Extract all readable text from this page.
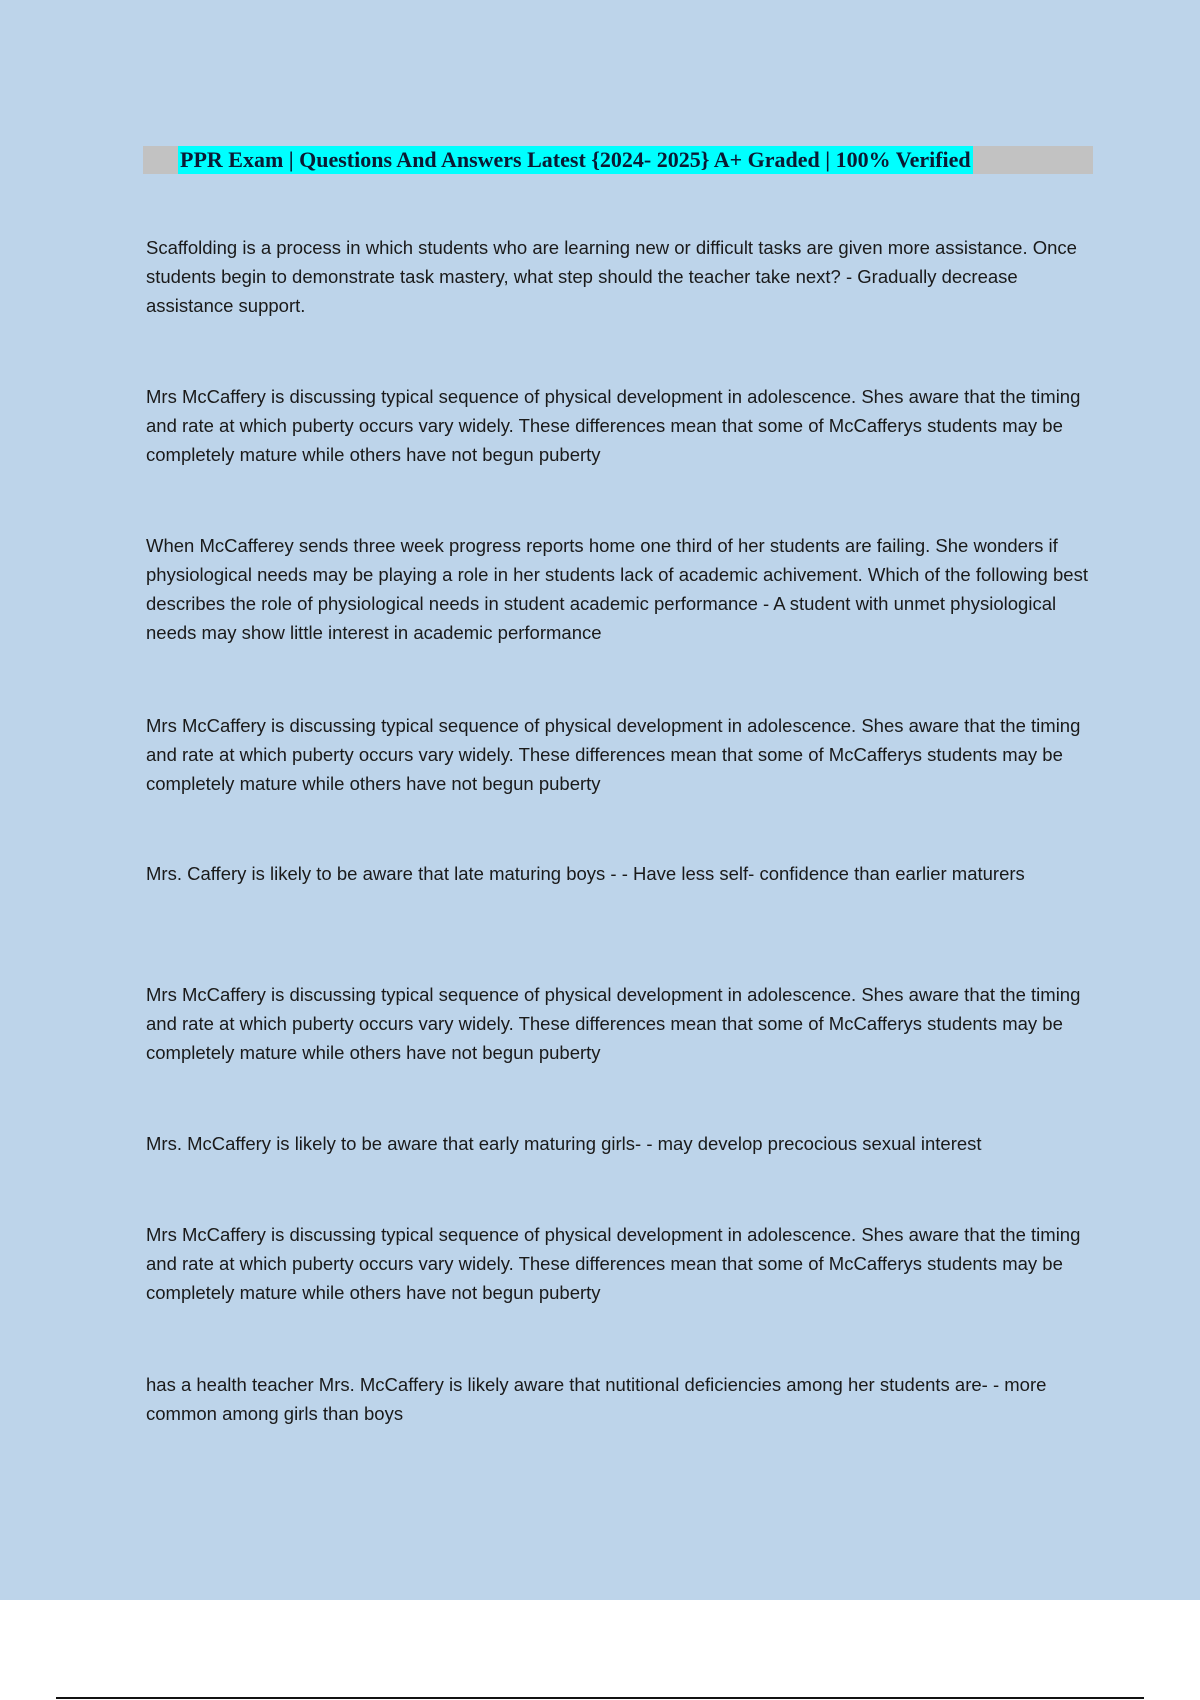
PPR Exam | Questions And Answers Latest {2024- 2025} A+ Graded | 100% Verified

Scaffolding is a process in which students who are learning new or difficult tasks are given more assistance. Once students begin to demonstrate task mastery, what step should the teacher take next? - Gradually decrease assistance support.

Mrs McCaffery is discussing typical sequence of physical development in adolescence. Shes aware that the timing and rate at which puberty occurs vary widely. These differences mean that some of McCafferys students may be completely mature while others have not begun puberty

When McCafferey sends three week progress reports home one third of her students are failing. She wonders if physiological needs may be playing a role in her students lack of academic achivement. Which of the following best describes the role of physiological needs in student academic performance - A student with unmet physiological needs may show little interest in academic performance

Mrs McCaffery is discussing typical sequence of physical development in adolescence. Shes aware that the timing and rate at which puberty occurs vary widely. These differences mean that some of McCafferys students may be completely mature while others have not begun puberty

Mrs. Caffery is likely to be aware that late maturing boys - - Have less self- confidence than earlier maturers

Mrs McCaffery is discussing typical sequence of physical development in adolescence. Shes aware that the timing and rate at which puberty occurs vary widely. These differences mean that some of McCafferys students may be completely mature while others have not begun puberty

Mrs. McCaffery is likely to be aware that early maturing girls- - may develop precocious sexual interest

Mrs McCaffery is discussing typical sequence of physical development in adolescence. Shes aware that the timing and rate at which puberty occurs vary widely. These differences mean that some of McCafferys students may be completely mature while others have not begun puberty

has a health teacher Mrs. McCaffery is likely aware that nutitional deficiencies among her students are- - more common among girls than boys
